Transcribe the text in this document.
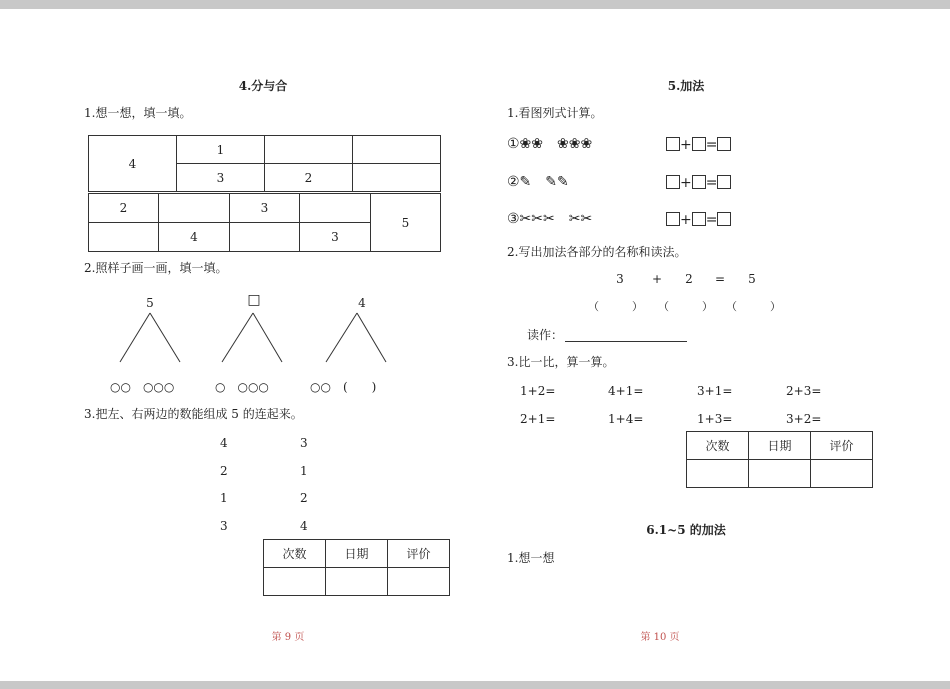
4.分与合
1.想一想，填一填。
4	1		
	3	2	
2		3		5
	4		3	
2.照样子画一画，填一填。
5	□	4
○○　○○○	○　○○○	○○　(　　)
3.把左、右两边的数能组成 5 的连起来。
4
2
1
3
3
1
2
4
次数	日期	评价

第 9 页
5.加法
1.看图列式计算。
①❀❀　❀❀❀	+ =
②✎　✎✎	+ =
③✂✂✂　✂✂	+ =
2.写出加法各部分的名称和读法。
3 + 2 = 5
（　　　） （　　　） （　　　）
读作：
3.比一比，算一算。
1+2=	4+1=	3+1=	2+3=
2+1=	1+4=	1+3=	3+2=
次数	日期	评价

6.1~5 的加法
1.想一想
第 10 页
